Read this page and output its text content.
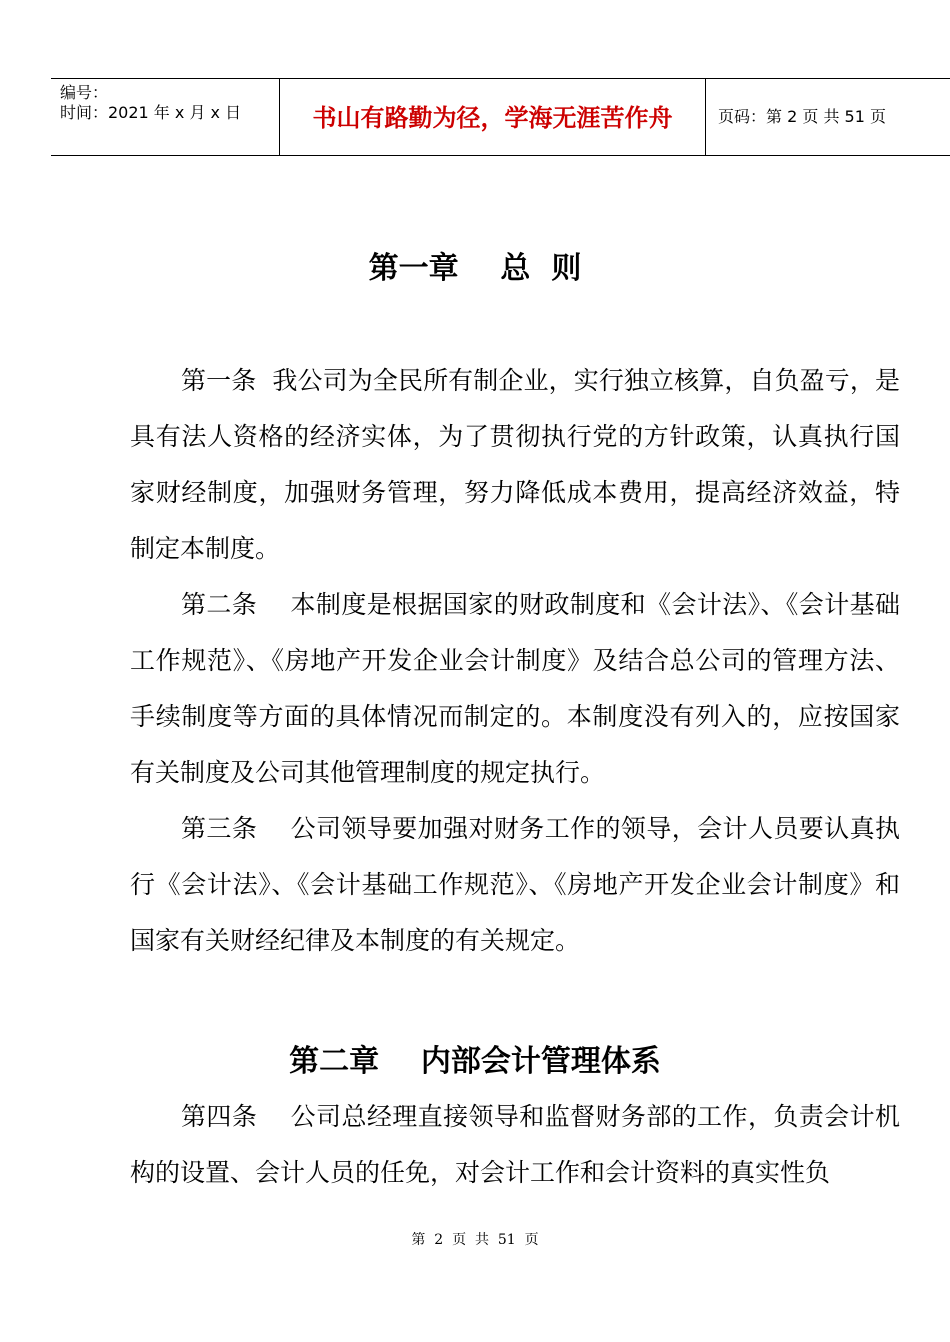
编号：
时间：2021 年 x 月 x 日	书山有路勤为径，学海无涯苦作舟	页码：第 2 页 共 51 页
第一章    总  则
第一条  我公司为全民所有制企业，实行独立核算，自负盈亏，是具有法人资格的经济实体，为了贯彻执行党的方针政策，认真执行国家财经制度，加强财务管理，努力降低成本费用，提高经济效益，特制定本制度。
第二条    本制度是根据国家的财政制度和《会计法》、《会计基础工作规范》、《房地产开发企业会计制度》及结合总公司的管理方法、手续制度等方面的具体情况而制定的。本制度没有列入的，应按国家有关制度及公司其他管理制度的规定执行。
第三条    公司领导要加强对财务工作的领导，会计人员要认真执行《会计法》、《会计基础工作规范》、《房地产开发企业会计制度》和国家有关财经纪律及本制度的有关规定。
第二章    内部会计管理体系
第四条    公司总经理直接领导和监督财务部的工作，负责会计机构的设置、会计人员的任免，对会计工作和会计资料的真实性负
第  2  页  共  51  页
